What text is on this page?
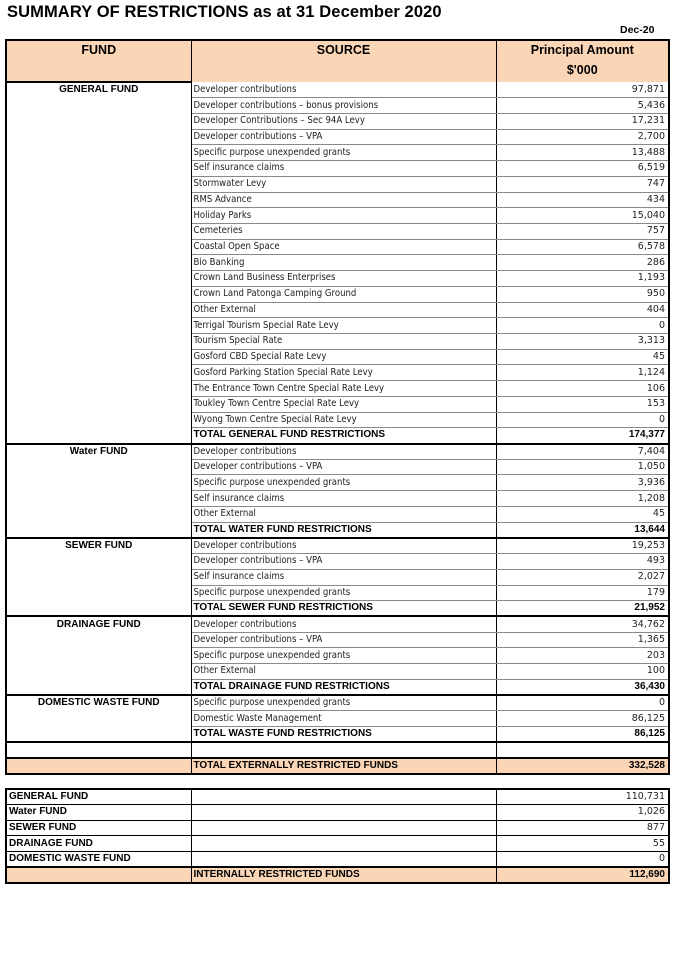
SUMMARY OF RESTRICTIONS as at 31 December 2020
Dec-20
FUND	SOURCE	Principal Amount
		$'000
GENERAL FUND	Developer contributions	97,871
	Developer contributions – bonus provisions	5,436
	Developer Contributions – Sec 94A Levy	17,231
	Developer contributions – VPA	2,700
	Specific purpose unexpended grants	13,488
	Self insurance claims	6,519
	Stormwater Levy	747
	RMS Advance	434
	Holiday Parks	15,040
	Cemeteries	757
	Coastal Open Space	6,578
	Bio Banking	286
	Crown Land Business Enterprises	1,193
	Crown Land Patonga Camping Ground	950
	Other External	404
	Terrigal Tourism Special Rate Levy	0
	Tourism Special Rate	3,313
	Gosford CBD Special Rate Levy	45
	Gosford Parking Station Special Rate Levy	1,124
	The Entrance Town Centre Special Rate Levy	106
	Toukley Town Centre Special Rate Levy	153
	Wyong Town Centre Special Rate Levy	0
	TOTAL GENERAL FUND RESTRICTIONS	174,377
Water FUND	Developer contributions	7,404
	Developer contributions – VPA	1,050
	Specific purpose unexpended grants	3,936
	Self insurance claims	1,208
	Other External	45
	TOTAL WATER FUND RESTRICTIONS	13,644
SEWER FUND	Developer contributions	19,253
	Developer contributions – VPA	493
	Self insurance claims	2,027
	Specific purpose unexpended grants	179
	TOTAL SEWER FUND RESTRICTIONS	21,952
DRAINAGE FUND	Developer contributions	34,762
	Developer contributions – VPA	1,365
	Specific purpose unexpended grants	203
	Other External	100
	TOTAL DRAINAGE FUND RESTRICTIONS	36,430
DOMESTIC WASTE FUND	Specific purpose unexpended grants	0
	Domestic Waste Management	86,125
	TOTAL WASTE FUND RESTRICTIONS	86,125

	TOTAL EXTERNALLY RESTRICTED FUNDS	332,528
GENERAL FUND		110,731
Water FUND		1,026
SEWER FUND		877
DRAINAGE FUND		55
DOMESTIC WASTE FUND		0
	INTERNALLY RESTRICTED FUNDS	112,690
